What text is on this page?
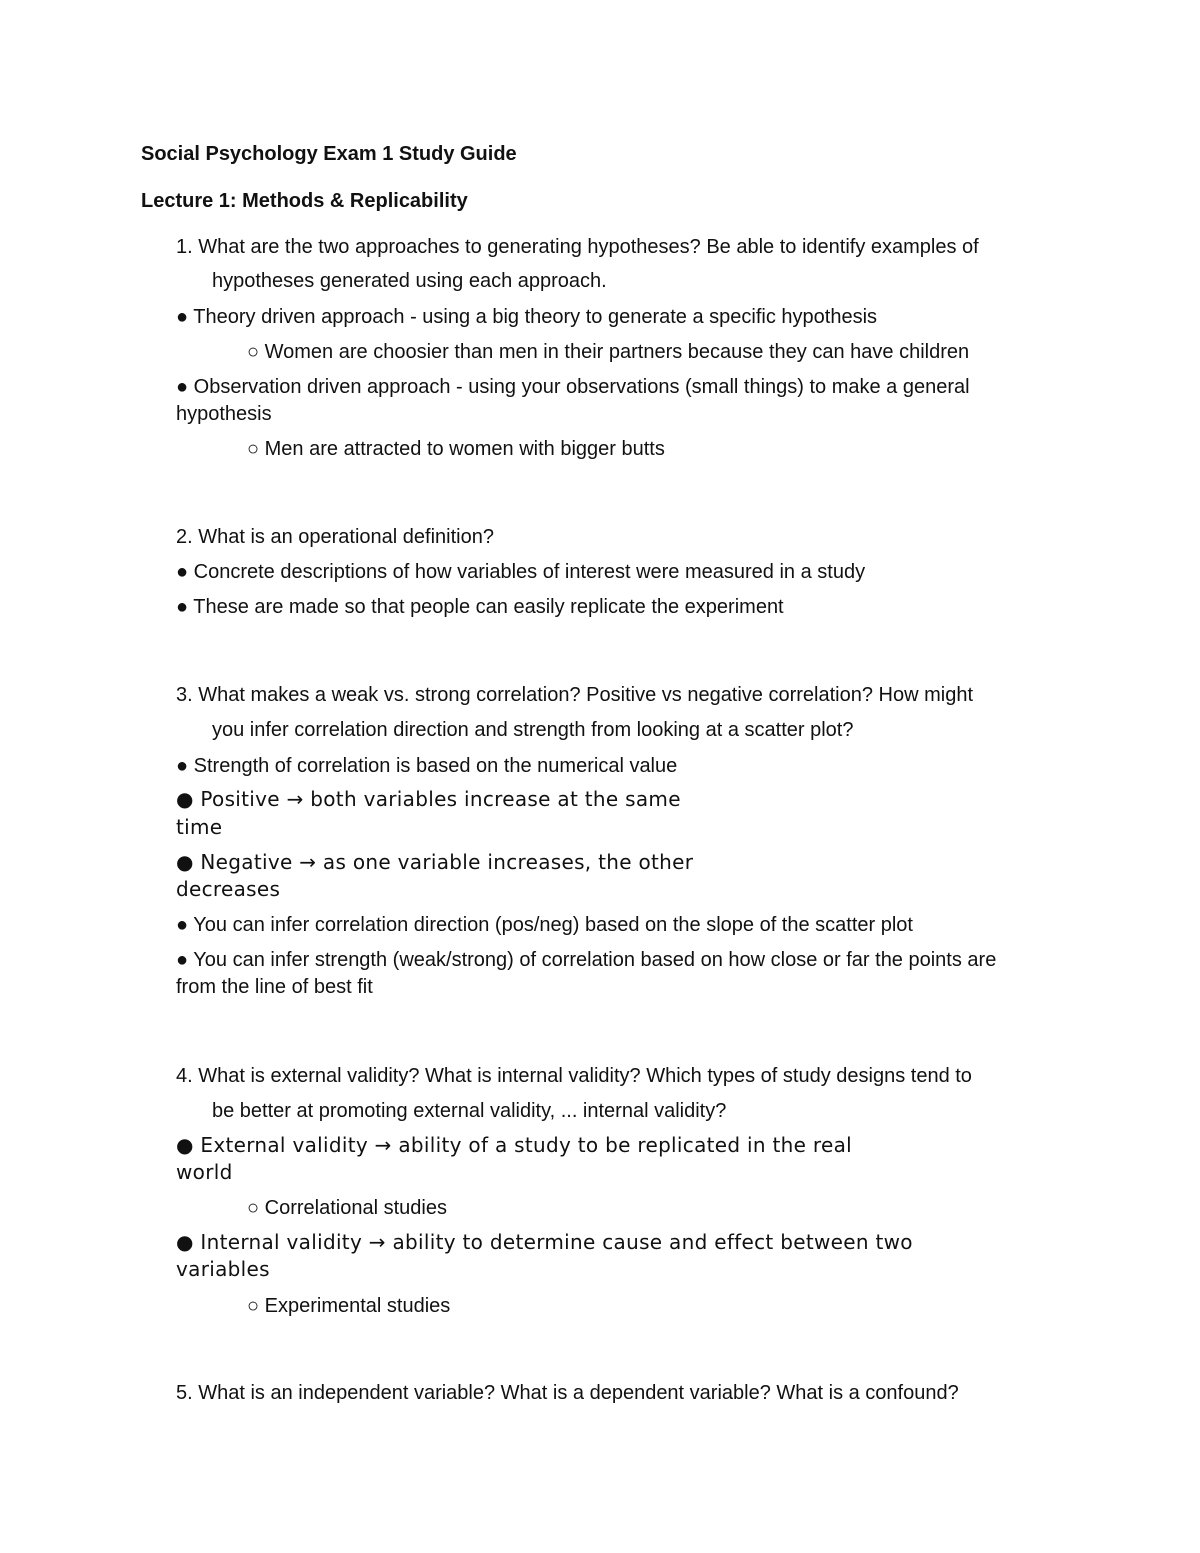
Social Psychology Exam 1 Study Guide
Lecture 1: Methods & Replicability
1. What are the two approaches to generating hypotheses? Be able to identify examples of
hypotheses generated using each approach.
● Theory driven approach - using a big theory to generate a specific hypothesis
○ Women are choosier than men in their partners because they can have children
● Observation driven approach - using your observations (small things) to make a general
hypothesis
○ Men are attracted to women with bigger butts
2. What is an operational definition?
● Concrete descriptions of how variables of interest were measured in a study
● These are made so that people can easily replicate the experiment
3. What makes a weak vs. strong correlation? Positive vs negative correlation? How might
you infer correlation direction and strength from looking at a scatter plot?
● Strength of correlation is based on the numerical value
● Positive → both variables increase at the same
time
● Negative → as one variable increases, the other
decreases
● You can infer correlation direction (pos/neg) based on the slope of the scatter plot
● You can infer strength (weak/strong) of correlation based on how close or far the points are
from the line of best fit
4. What is external validity? What is internal validity? Which types of study designs tend to
be better at promoting external validity, ... internal validity?
● External validity → ability of a study to be replicated in the real
world
○ Correlational studies
● Internal validity → ability to determine cause and effect between two
variables
○ Experimental studies
5. What is an independent variable? What is a dependent variable? What is a confound?
